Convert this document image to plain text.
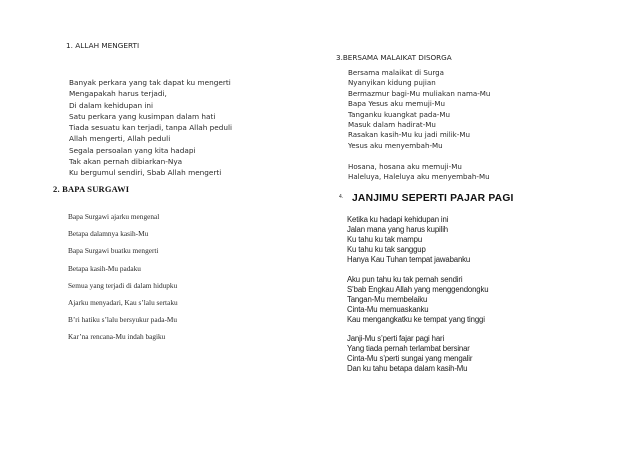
1. ALLAH MENGERTI
Banyak perkara yang tak dapat ku mengerti
Mengapakah harus terjadi,
Di dalam kehidupan ini
Satu perkara yang kusimpan dalam hati
Tiada sesuatu kan terjadi, tanpa Allah peduli
Allah mengerti, Allah peduli
Segala persoalan yang kita hadapi
Tak akan pernah dibiarkan-Nya
Ku bergumul sendiri, Sbab Allah mengerti
2. BAPA SURGAWI
Bapa Surgawi ajarku mengenal
Betapa dalamnya kasih-Mu
Bapa Surgawi buatku mengerti
Betapa kasih-Mu padaku
Semua yang terjadi di dalam hidupku
Ajarku menyadari, Kau s’lalu sertaku
B’ri hatiku s’lalu bersyukur pada-Mu
Kar’na rencana-Mu indah bagiku
3.BERSAMA MALAIKAT DISORGA
Bersama malaikat di Surga
Nyanyikan kidung pujian
Bermazmur bagi-Mu muliakan nama-Mu
Bapa Yesus aku memuji-Mu
Tanganku kuangkat pada-Mu
Masuk dalam hadirat-Mu
Rasakan kasih-Mu ku jadi milik-Mu
Yesus aku menyembah-Mu
Hosana, hosana aku memuji-Mu
Haleluya, Haleluya aku menyembah-Mu
4. JANJIMU SEPERTI PAJAR PAGI
Ketika ku hadapi kehidupan ini
Jalan mana yang harus kupilih
Ku tahu ku tak mampu
Ku tahu ku tak sanggup
Hanya Kau Tuhan tempat jawabanku
Aku pun tahu ku tak pernah sendiri
S’bab Engkau Allah yang menggendongku
Tangan-Mu membelaiku
Cinta-Mu memuaskanku
Kau mengangkatku ke tempat yang tinggi
Janji-Mu s’perti fajar pagi hari
Yang tiada pernah terlambat bersinar
Cinta-Mu s’perti sungai yang mengalir
Dan ku tahu betapa dalam kasih-Mu
